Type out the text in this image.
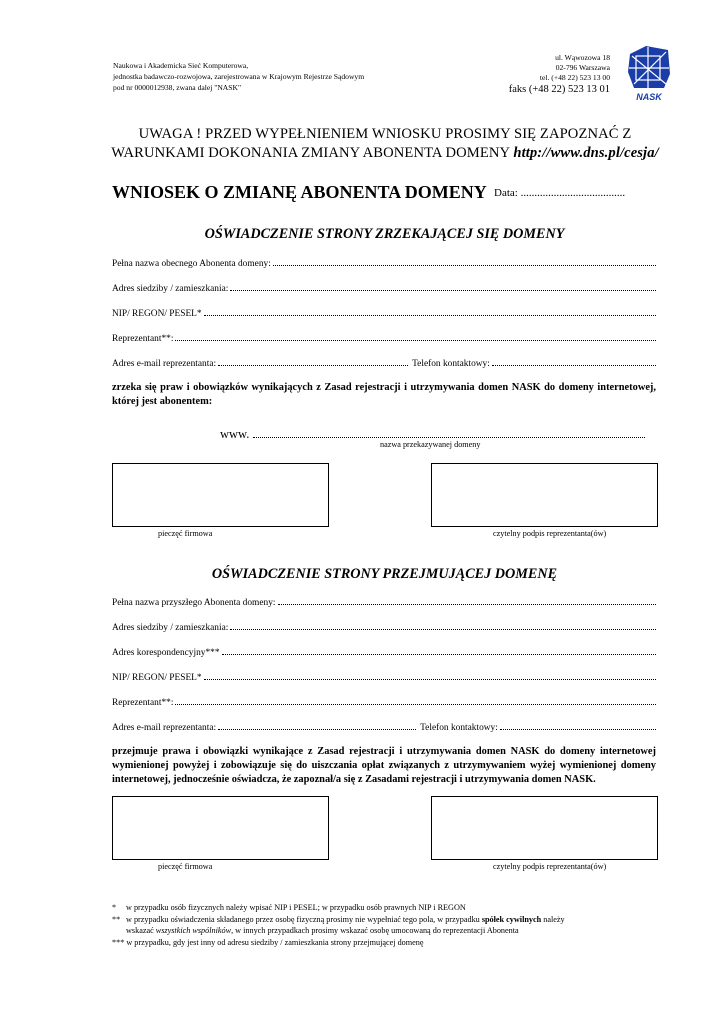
Naukowa i Akademicka Sieć Komputerowa,
jednostka badawczo-rozwojowa, zarejestrowana w Krajowym Rejestrze Sądowym
pod nr 0000012938, zwana dalej "NASK"
ul. Wąwozowa 18
02-796 Warszawa
tel. (+48 22) 523 13 00
faks (+48 22) 523 13 01
NASK
UWAGA ! PRZED WYPEŁNIENIEM WNIOSKU PROSIMY SIĘ ZAPOZNAĆ Z
WARUNKAMI DOKONANIA ZMIANY ABONENTA DOMENY http://www.dns.pl/cesja/
WNIOSEK O ZMIANĘ ABONENTA DOMENY Data: ......................................
OŚWIADCZENIE STRONY ZRZEKAJĄCEJ SIĘ DOMENY
Pełna nazwa obecnego Abonenta domeny:
Adres siedziby / zamieszkania:
NIP/ REGON/ PESEL*
Reprezentant**:
Adres e-mail reprezentanta:	Telefon kontaktowy:
zrzeka się praw i obowiązków wynikających z Zasad rejestracji i utrzymywania domen NASK do domeny internetowej, której jest abonentem:
www.
nazwa przekazywanej domeny
pieczęć firmowa	czytelny podpis reprezentanta(ów)
OŚWIADCZENIE STRONY PRZEJMUJĄCEJ DOMENĘ
Pełna nazwa przyszłego Abonenta domeny:
Adres siedziby / zamieszkania:
Adres korespondencyjny***
NIP/ REGON/ PESEL*
Reprezentant**:
Adres e-mail reprezentanta:	Telefon kontaktowy:
przejmuje prawa i obowiązki wynikające z Zasad rejestracji i utrzymywania domen NASK do domeny internetowej wymienionej powyżej i zobowiązuje się do uiszczania opłat związanych z utrzymywaniem wyżej wymienionej domeny internetowej, jednocześnie oświadcza, że zapoznał/a się z Zasadami rejestracji i utrzymywania domen NASK.
pieczęć firmowa	czytelny podpis reprezentanta(ów)
*	w przypadku osób fizycznych należy wpisać NIP i PESEL; w przypadku osób prawnych NIP i REGON
** w przypadku oświadczenia składanego przez osobę fizyczną prosimy nie wypełniać tego pola, w przypadku spółek cywilnych należy
wskazać wszystkich wspólników, w innych przypadkach prosimy wskazać osobę umocowaną do reprezentacji Abonenta
***
w przypadku, gdy jest inny od adresu siedziby / zamieszkania strony przejmującej domenę
